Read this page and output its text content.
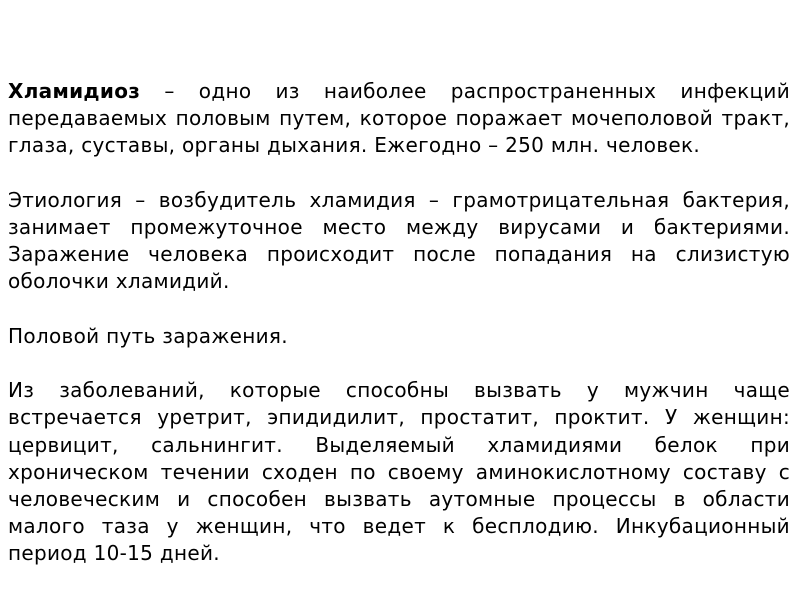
Хламидиоз – одно из наиболее распространенных инфекций передаваемых половым путем, которое поражает мочеполовой тракт, глаза, суставы, органы дыхания. Ежегодно – 250 млн. человек.

Этиология – возбудитель хламидия – грамотрицательная бактерия, занимает промежуточное место между вирусами и бактериями. Заражение человека происходит после попадания на слизистую оболочки хламидий.

Половой путь заражения.

Из заболеваний, которые способны вызвать у мужчин чаще встречается уретрит, эпидидилит, простатит, проктит. У женщин: цервицит, сальнингит. Выделяемый хламидиями белок при хроническом течении сходен по своему аминокислотному составу с человеческим и способен вызвать аутомные процессы в области малого таза у женщин, что ведет к бесплодию. Инкубационный период 10-15 дней.
